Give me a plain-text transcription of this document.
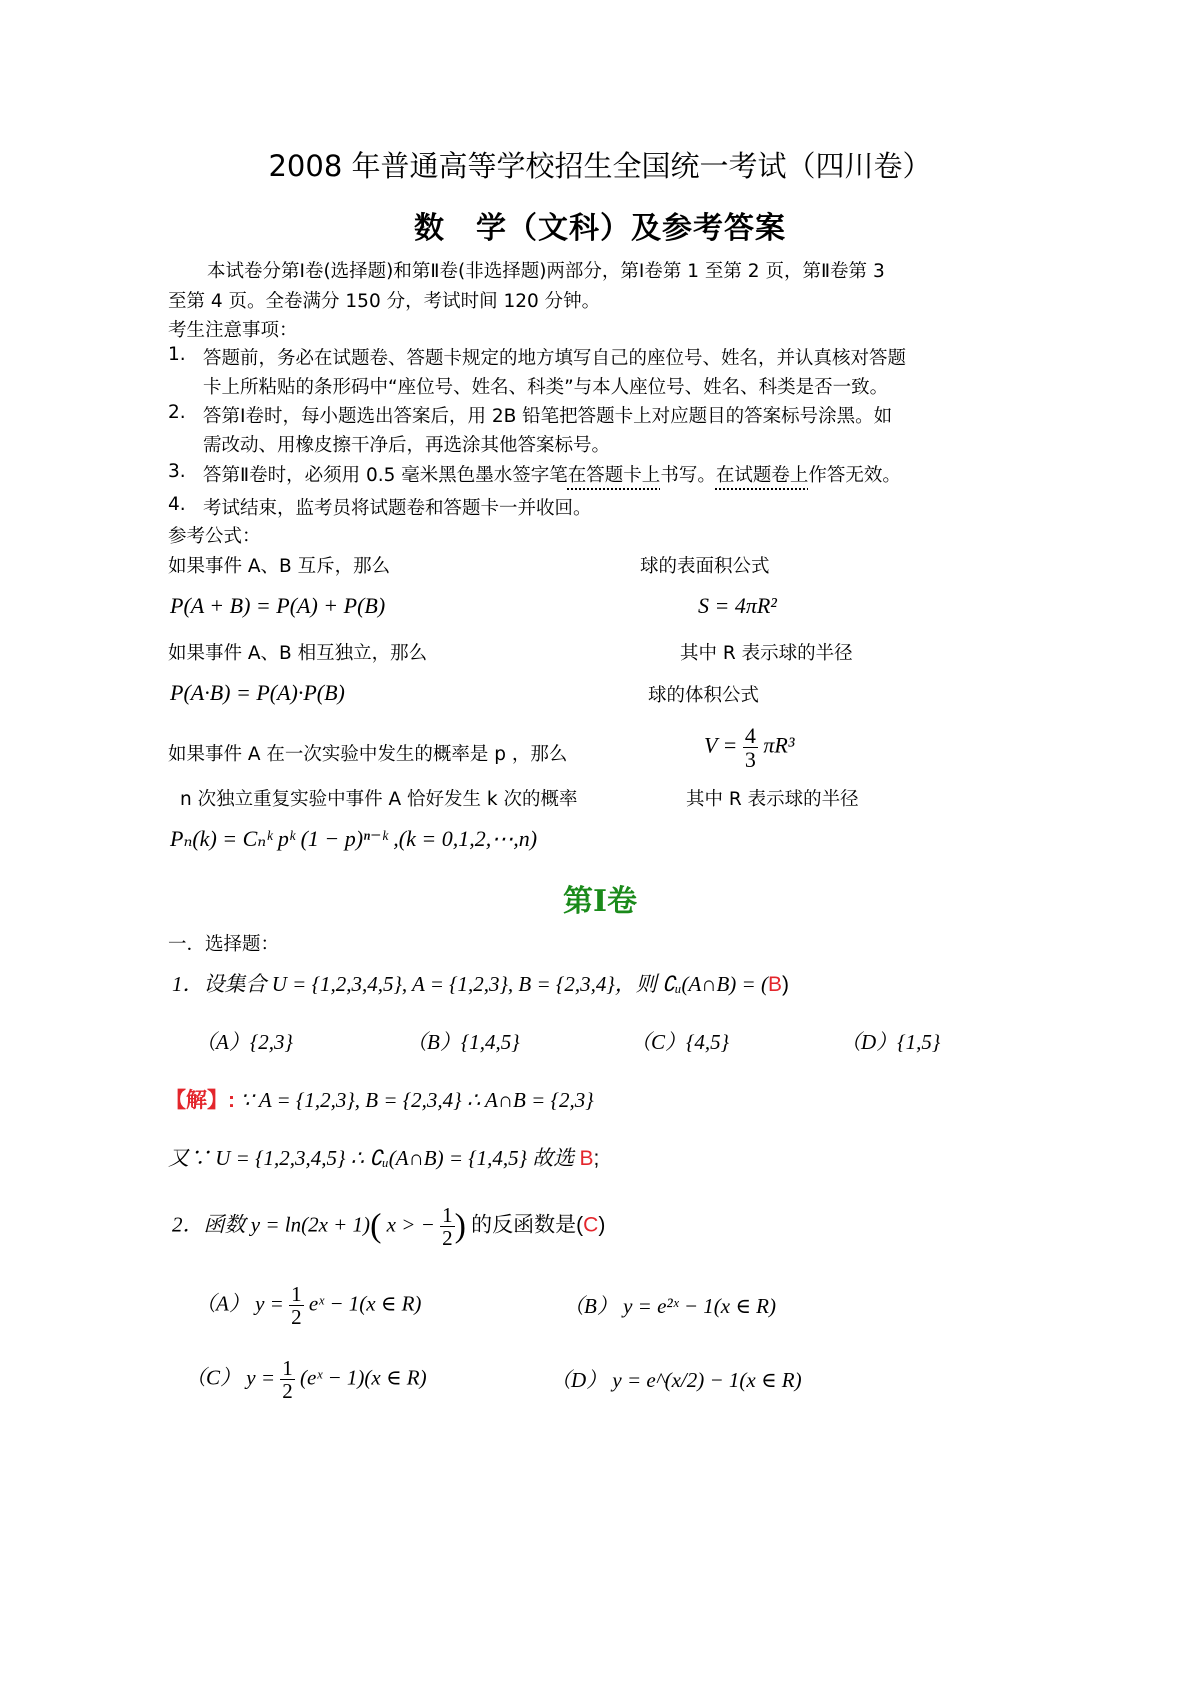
2008 年普通高等学校招生全国统一考试（四川卷）
数　学（文科）及参考答案
本试卷分第Ⅰ卷(选择题)和第Ⅱ卷(非选择题)两部分，第Ⅰ卷第 1 至第 2 页，第Ⅱ卷第 3
至第 4 页。全卷满分 150 分，考试时间 120 分钟。
考生注意事项：
1. 答题前，务必在试题卷、答题卡规定的地方填写自己的座位号、姓名，并认真核对答题
卡上所粘贴的条形码中“座位号、姓名、科类”与本人座位号、姓名、科类是否一致。
2. 答第Ⅰ卷时，每小题选出答案后，用 2B 铅笔把答题卡上对应题目的答案标号涂黑。如
需改动、用橡皮擦干净后，再选涂其他答案标号。
3. 答第Ⅱ卷时，必须用 0.5 毫米黑色墨水签字笔在答题卡上书写。在试题卷上作答无效。
4. 考试结束，监考员将试题卷和答题卡一并收回。
参考公式：
如果事件 A、B 互斥，那么
P(A + B) = P(A) + P(B)
如果事件 A、B 相互独立，那么
P(A·B) = P(A)·P(B)
如果事件 A 在一次实验中发生的概率是 p ，那么
n 次独立重复实验中事件 A 恰好发生 k 次的概率
Pₙ(k) = Cₙᵏ pᵏ (1 − p)ⁿ⁻ᵏ ,(k = 0,1,2,⋯,n)
球的表面积公式
S = 4πR²
其中 R 表示球的半径
球的体积公式
$V = \frac{4}{3} \pi R^3$
其中 R 表示球的半径
第Ⅰ卷
一．选择题：
1．设集合 U = {1,2,3,4,5}, A = {1,2,3}, B = {2,3,4}，则 ∁ᵤ(A∩B) = (B)
（A）{2,3}	（B）{1,4,5}	（C）{4,5}	（D）{1,5}
【解】: ∵ A = {1,2,3}, B = {2,3,4} ∴ A∩B = {2,3}
又∵ U = {1,2,3,4,5} ∴ ∁ᵤ(A∩B) = {1,4,5} 故选 B;
2．函数 y = ln(2x + 1)( x > − $\frac{1}{2}$ ) 的反函数是(C)
（A） $y = \frac{1}{2}$ eˣ − 1(x ∈ R)	（B） y = e²ˣ − 1(x ∈ R)
（C） $y = \frac{1}{2}$ (eˣ − 1)(x ∈ R)	（D） y = e^(x/2) − 1(x ∈ R)
